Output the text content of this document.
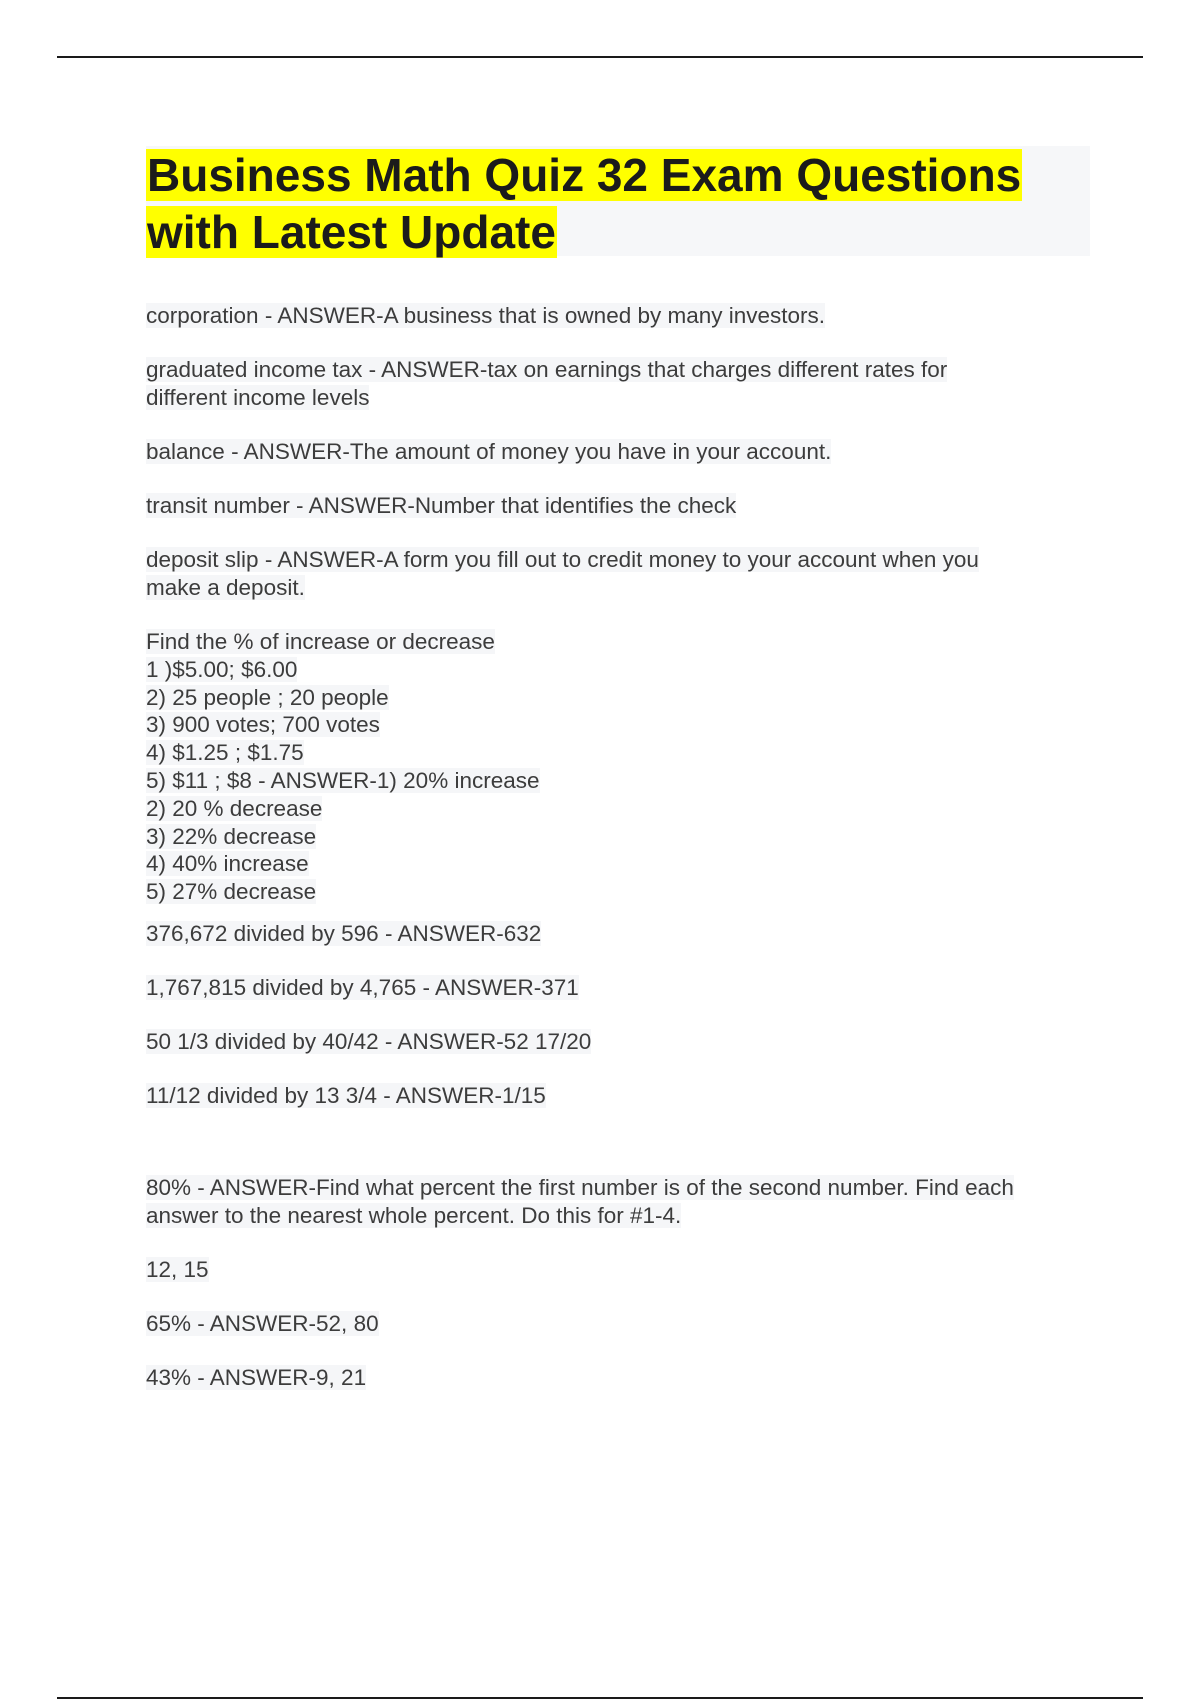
Business Math Quiz 32 Exam Questions
with Latest Update

corporation - ANSWER-A business that is owned by many investors.

graduated income tax - ANSWER-tax on earnings that charges different rates for
different income levels

balance - ANSWER-The amount of money you have in your account.

transit number - ANSWER-Number that identifies the check

deposit slip - ANSWER-A form you fill out to credit money to your account when you
make a deposit.

Find the % of increase or decrease
1 )$5.00; $6.00
2) 25 people ; 20 people
3) 900 votes; 700 votes
4) $1.25 ; $1.75
5) $11 ; $8 - ANSWER-1) 20% increase
2) 20 % decrease
3) 22% decrease
4) 40% increase
5) 27% decrease

376,672 divided by 596 - ANSWER-632

1,767,815 divided by 4,765 - ANSWER-371

50 1/3 divided by 40/42 - ANSWER-52 17/20

11/12 divided by 13 3/4 - ANSWER-1/15

80% - ANSWER-Find what percent the first number is of the second number. Find each
answer to the nearest whole percent. Do this for #1-4.

12, 15

65% - ANSWER-52, 80

43% - ANSWER-9, 21
